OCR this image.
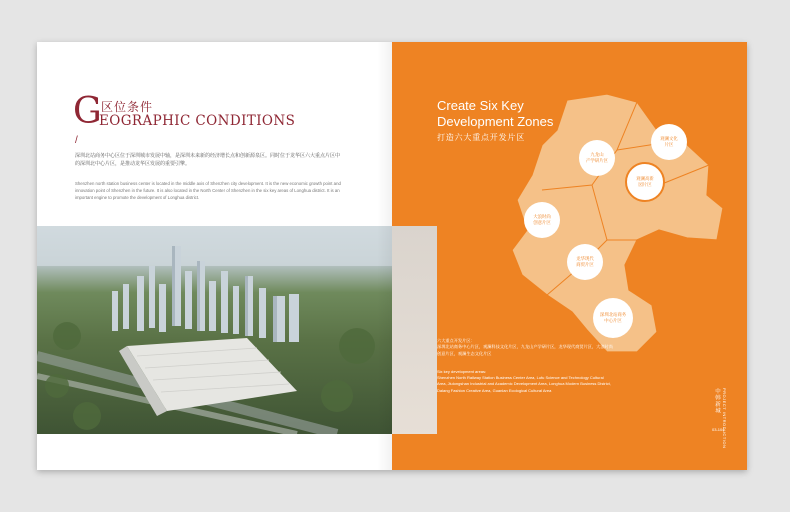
G 区位条件
EOGRAPHIC CONDITIONS
/
深圳北站商务中心区位于深圳城市发展中轴，是深圳未来新的经济增长点和创新源泉区。同时位于龙华区六大重点片区中的深圳北中心片区，是推动龙华区发展的重要引擎。
Shenzhen north station business center is located in the middle axis of Shenzhen city development. It is the new economic growth point and innovation point of Shenzhen in the future. It is also located in the North Center of Shenzhen in the six key areas of Longhua district. It is an important engine to promote the development of Longhua district.
Create Six Key
Development Zones
打造六大重点开发片区
九龙山
产学研片区
观澜文化
片区
观澜高新
园片区
大浪时尚
创意片区
龙华现代
商贸片区
深圳北站商务
中心片区
六大重点开发片区：
深圳北站商务中心片区，观澜科技文化片区，九龙山产学研片区，龙华现代商贸片区，大浪时尚创意片区，观澜生态文化片区
Six key development areas:
Shenzhen North Railway Station Business Center Area, Lufu Science and Technology Cultural Area, Jiulongshan Industrial and Academic Development Area, Longhua Modern Business District, Dalang Fashion Creative Area, Guanlan Ecological Cultural Area	中韩新城 PROJECT INTRODUCTION
03-104
